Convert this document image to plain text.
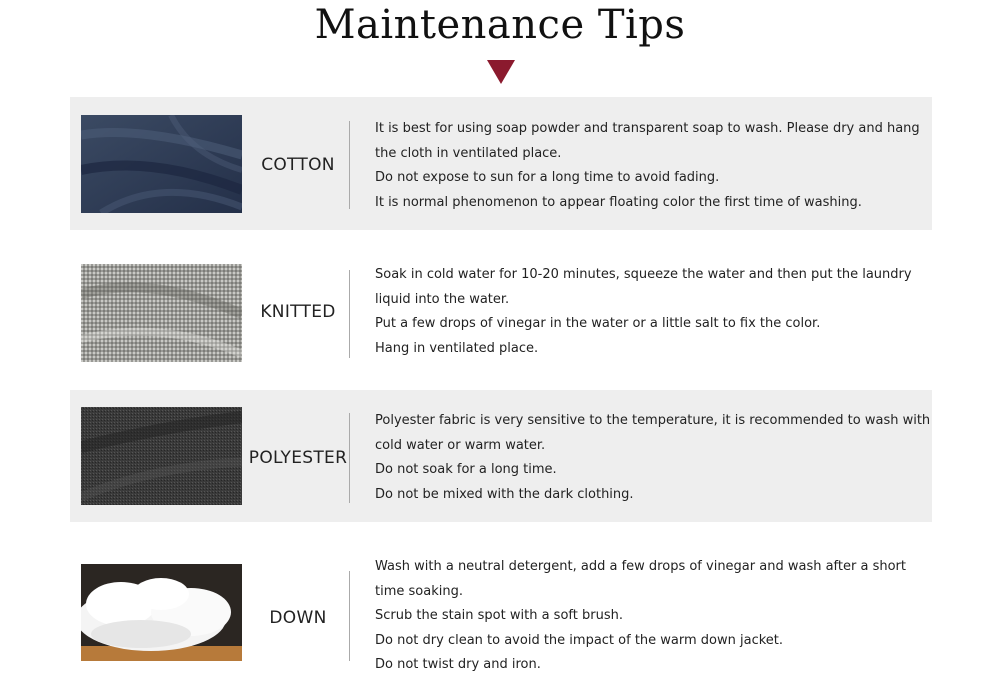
Maintenance Tips
COTTON
It is best for using soap powder and transparent soap to wash. Please dry and hang the cloth in ventilated place.
Do not expose to sun for a long time to avoid fading.
It is normal phenomenon to appear floating color the first time of washing.
KNITTED
Soak in cold water for 10-20 minutes, squeeze the water and then put the laundry liquid into the water.
Put a few drops of vinegar in the water or a little salt to fix the color.
Hang in ventilated place.
POLYESTER
Polyester fabric is very sensitive to the temperature, it is recommended to wash with cold water or warm water.
Do not soak for a long time.
Do not be mixed with the dark clothing.
DOWN
Wash with a neutral detergent, add a few drops of vinegar and wash after a short time soaking.
Scrub the stain spot with a soft brush.
Do not dry clean to avoid the impact of the warm down jacket.
Do not twist dry and iron.
